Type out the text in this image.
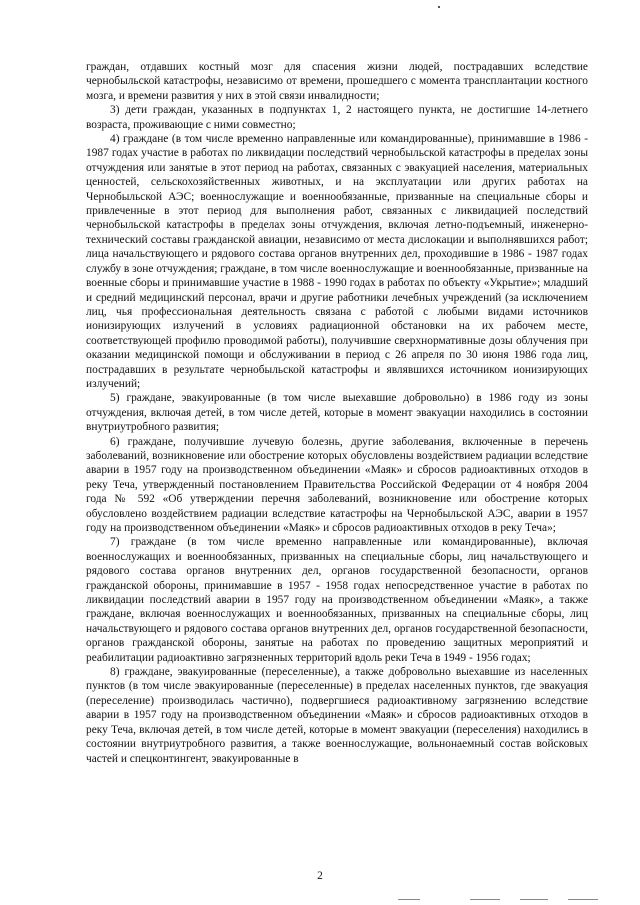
граждан, отдавших костный мозг для спасения жизни людей, пострадавших вследствие чернобыльской катастрофы, независимо от времени, прошедшего с момента трансплантации костного мозга, и времени развития у них в этой связи инвалидности;

3) дети граждан, указанных в подпунктах 1, 2 настоящего пункта, не достигшие 14-летнего возраста, проживающие с ними совместно;

4) граждане (в том числе временно направленные или командированные), принимавшие в 1986 - 1987 годах участие в работах по ликвидации последствий чернобыльской катастрофы в пределах зоны отчуждения или занятые в этот период на работах, связанных с эвакуацией населения, материальных ценностей, сельскохозяйственных животных, и на эксплуатации или других работах на Чернобыльской АЭС; военнослужащие и военнообязанные, призванные на специальные сборы и привлеченные в этот период для выполнения работ, связанных с ликвидацией последствий чернобыльской катастрофы в пределах зоны отчуждения, включая летно-подъемный, инженерно-технический составы гражданской авиации, независимо от места дислокации и выполнявшихся работ; лица начальствующего и рядового состава органов внутренних дел, проходившие в 1986 - 1987 годах службу в зоне отчуждения; граждане, в том числе военнослужащие и военнообязанные, призванные на военные сборы и принимавшие участие в 1988 - 1990 годах в работах по объекту «Укрытие»; младший и средний медицинский персонал, врачи и другие работники лечебных учреждений (за исключением лиц, чья профессиональная деятельность связана с работой с любыми видами источников ионизирующих излучений в условиях радиационной обстановки на их рабочем месте, соответствующей профилю проводимой работы), получившие сверхнормативные дозы облучения при оказании медицинской помощи и обслуживании в период с 26 апреля по 30 июня 1986 года лиц, пострадавших в результате чернобыльской катастрофы и являвшихся источником ионизирующих излучений;

5) граждане, эвакуированные (в том числе выехавшие добровольно) в 1986 году из зоны отчуждения, включая детей, в том числе детей, которые в момент эвакуации находились в состоянии внутриутробного развития;

6) граждане, получившие лучевую болезнь, другие заболевания, включенные в перечень заболеваний, возникновение или обострение которых обусловлены воздействием радиации вследствие аварии в 1957 году на производственном объединении «Маяк» и сбросов радиоактивных отходов в реку Теча, утвержденный постановлением Правительства Российской Федерации от 4 ноября 2004 года № 592 «Об утверждении перечня заболеваний, возникновение или обострение которых обусловлено воздействием радиации вследствие катастрофы на Чернобыльской АЭС, аварии в 1957 году на производственном объединении «Маяк» и сбросов радиоактивных отходов в реку Теча»;

7) граждане (в том числе временно направленные или командированные), включая военнослужащих и военнообязанных, призванных на специальные сборы, лиц начальствующего и рядового состава органов внутренних дел, органов государственной безопасности, органов гражданской обороны, принимавшие в 1957 - 1958 годах непосредственное участие в работах по ликвидации последствий аварии в 1957 году на производственном объединении «Маяк», а также граждане, включая военнослужащих и военнообязанных, призванных на специальные сборы, лиц начальствующего и рядового состава органов внутренних дел, органов государственной безопасности, органов гражданской обороны, занятые на работах по проведению защитных мероприятий и реабилитации радиоактивно загрязненных территорий вдоль реки Теча в 1949 - 1956 годах;

8) граждане, эвакуированные (переселенные), а также добровольно выехавшие из населенных пунктов (в том числе эвакуированные (переселенные) в пределах населенных пунктов, где эвакуация (переселение) производилась частично), подвергшиеся радиоактивному загрязнению вследствие аварии в 1957 году на производственном объединении «Маяк» и сбросов радиоактивных отходов в реку Теча, включая детей, в том числе детей, которые в момент эвакуации (переселения) находились в состоянии внутриутробного развития, а также военнослужащие, вольнонаемный состав войсковых частей и спецконтингент, эвакуированные в

2
